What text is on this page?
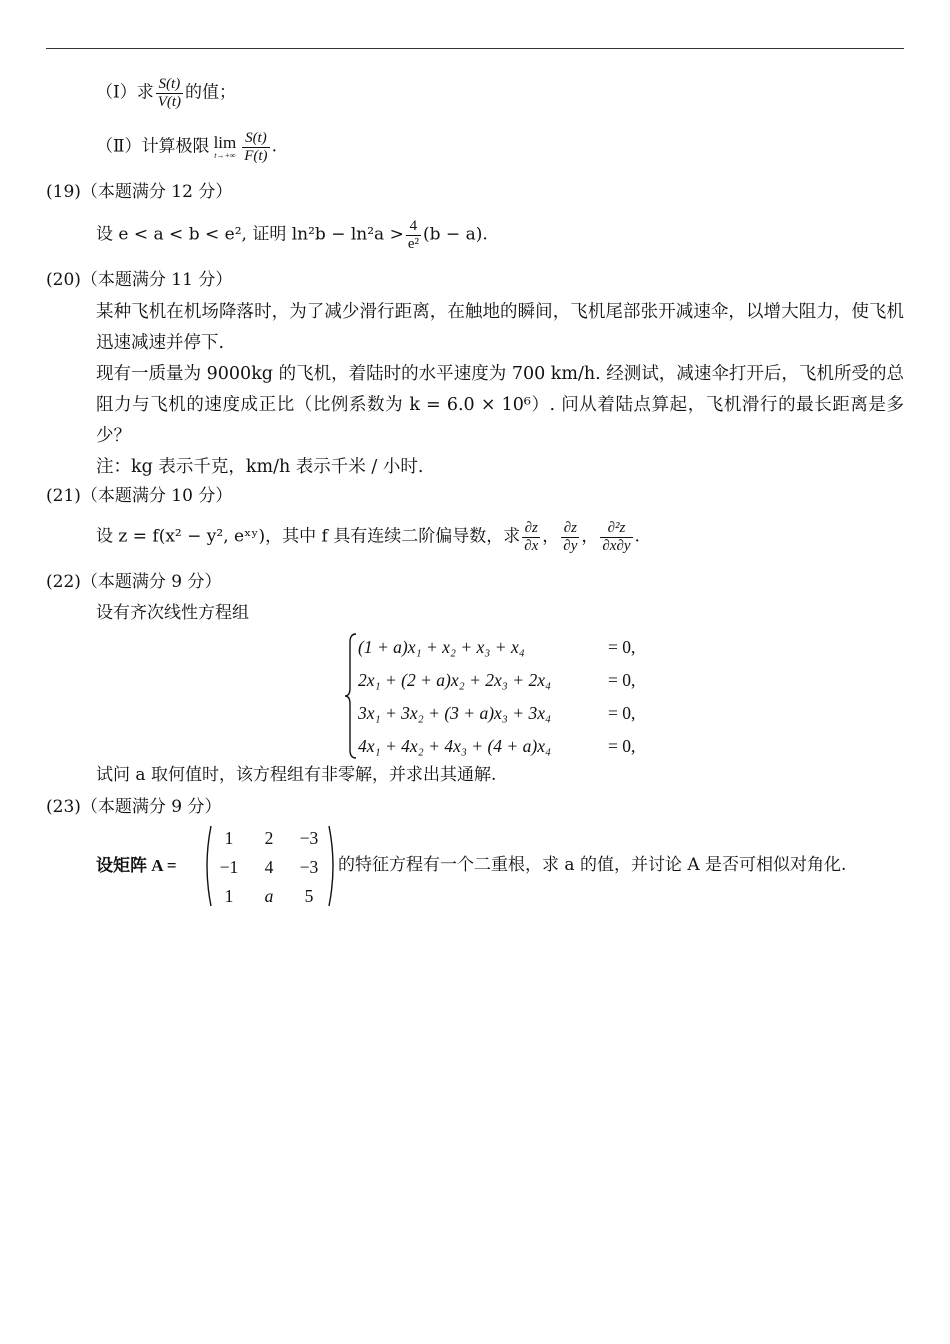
（Ⅰ）求 $\frac{S(t)}{V(t)}$ 的值；
（Ⅱ）计算极限 lim
$t\to+\infty \frac{S(t)}{F(t)}$ .
(19)（本题满分 12 分）
设 e < a < b < e², 证明 $\ln^2b - \ln^2a > \frac{4}{\text{e²}} (b - a)$.
(20)（本题满分 11 分）
某种飞机在机场降落时，为了减少滑行距离，在触地的瞬间，飞机尾部张开减速伞，以增大阻力，使飞机迅速减速并停下.
现有一质量为 9000kg 的飞机，着陆时的水平速度为 700 km/h. 经测试，减速伞打开后，飞机所受的总阻力与飞机的速度成正比（比例系数为 k = 6.0 × 10⁶）. 问从着陆点算起，飞机滑行的最长距离是多少？
注：kg 表示千克，km/h 表示千米 / 小时.
(21)（本题满分 10 分）
设 z = f(x² − y², eˣʸ)，其中 f 具有连续二阶偏导数，求 $\frac{\partial z}{\partial x}$ ， $\frac{\partial z}{\partial y}$ ， $\frac{\text{∂²z}}{\partial x\partial y}$ .
(22)（本题满分 9 分）
设有齐次线性方程组
(1 + a)x₁ + x₂ + x₃ + x₄	= 0,
2x₁ + (2 + a)x₂ + 2x₃ + 2x₄	= 0,
3x₁ + 3x₂ + (3 + a)x₃ + 3x₄	= 0,
4x₁ + 4x₂ + 4x₃ + (4 + a)x₄	= 0,
试问 a 取何值时，该方程组有非零解，并求出其通解.
(23)（本题满分 9 分）
设矩阵 A =
1	2	−3
−1	4	−3
1	a	5
的特征方程有一个二重根，求 a 的值，并讨论 A 是否可相似对角化.
